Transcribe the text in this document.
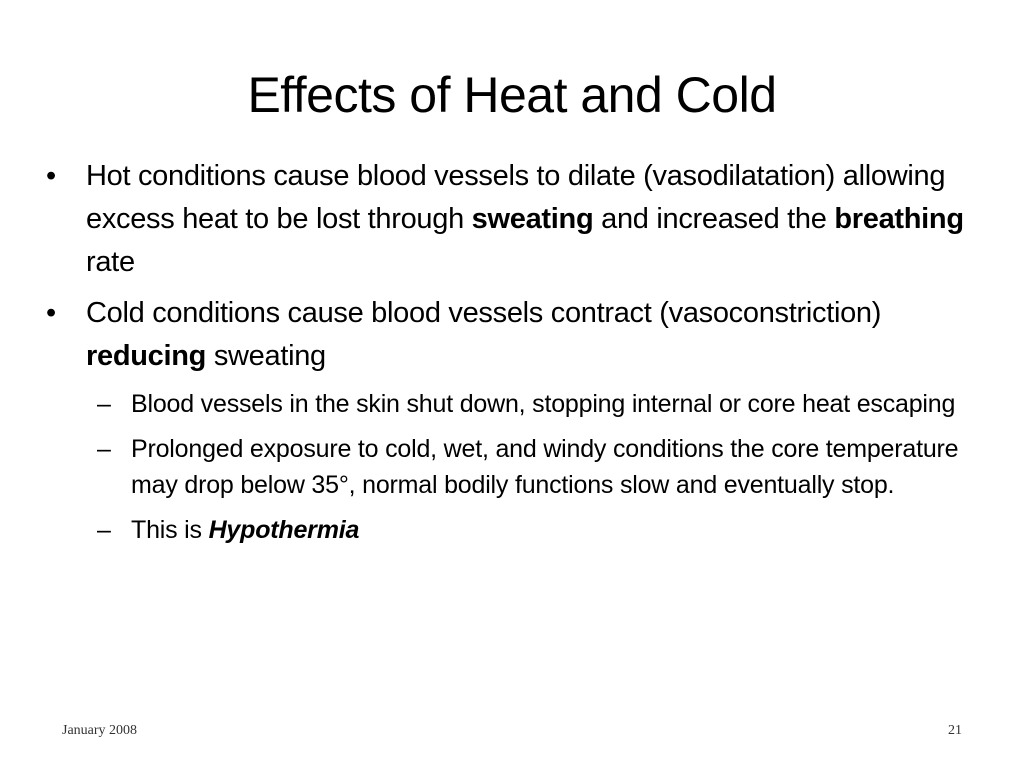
Effects of Heat and Cold
•	Hot conditions cause blood vessels to dilate (vasodilatation) allowing excess heat to be lost through sweating and increased the breathing rate
•	Cold conditions cause blood vessels contract (vasoconstriction) reducing sweating
– Blood vessels in the skin shut down, stopping internal or core heat escaping
– Prolonged exposure to cold, wet, and windy conditions the core temperature may drop below 35°, normal bodily functions slow and eventually stop.
– This is Hypothermia
January 2008	21
